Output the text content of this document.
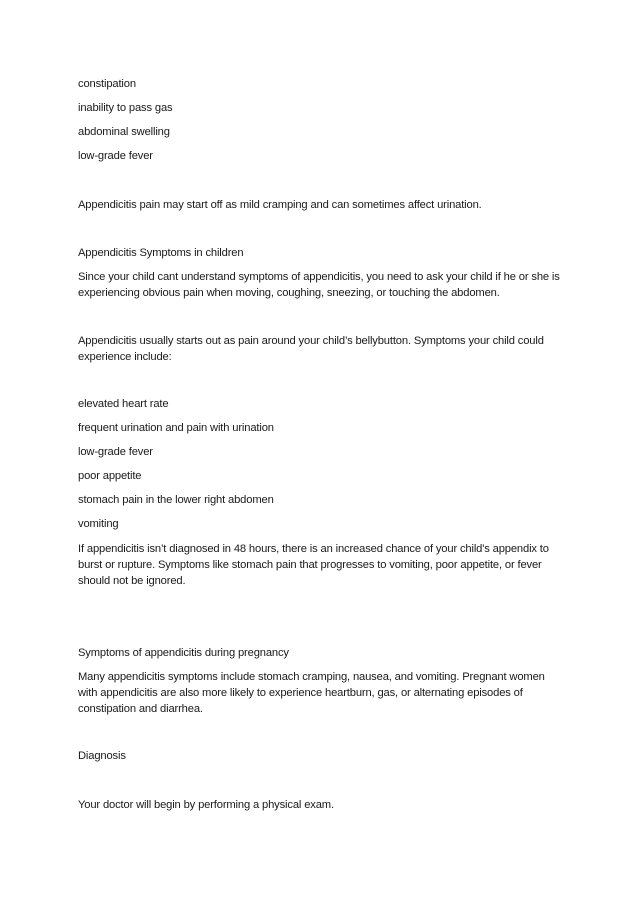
constipation
inability to pass gas
abdominal swelling
low-grade fever
Appendicitis pain may start off as mild cramping and can sometimes affect urination.
Appendicitis Symptoms in children
Since your child cant understand symptoms of appendicitis, you need to ask your child if he or she is
experiencing obvious pain when moving, coughing, sneezing, or touching the abdomen.
Appendicitis usually starts out as pain around your child’s bellybutton. Symptoms your child could
experience include:
elevated heart rate
frequent urination and pain with urination
low-grade fever
poor appetite
stomach pain in the lower right abdomen
vomiting
If appendicitis isn’t diagnosed in 48 hours, there is an increased chance of your child's appendix to
burst or rupture. Symptoms like stomach pain that progresses to vomiting, poor appetite, or fever
should not be ignored.
Symptoms of appendicitis during pregnancy
Many appendicitis symptoms include stomach cramping, nausea, and vomiting. Pregnant women
with appendicitis are also more likely to experience heartburn, gas, or alternating episodes of
constipation and diarrhea.
Diagnosis
Your doctor will begin by performing a physical exam.
